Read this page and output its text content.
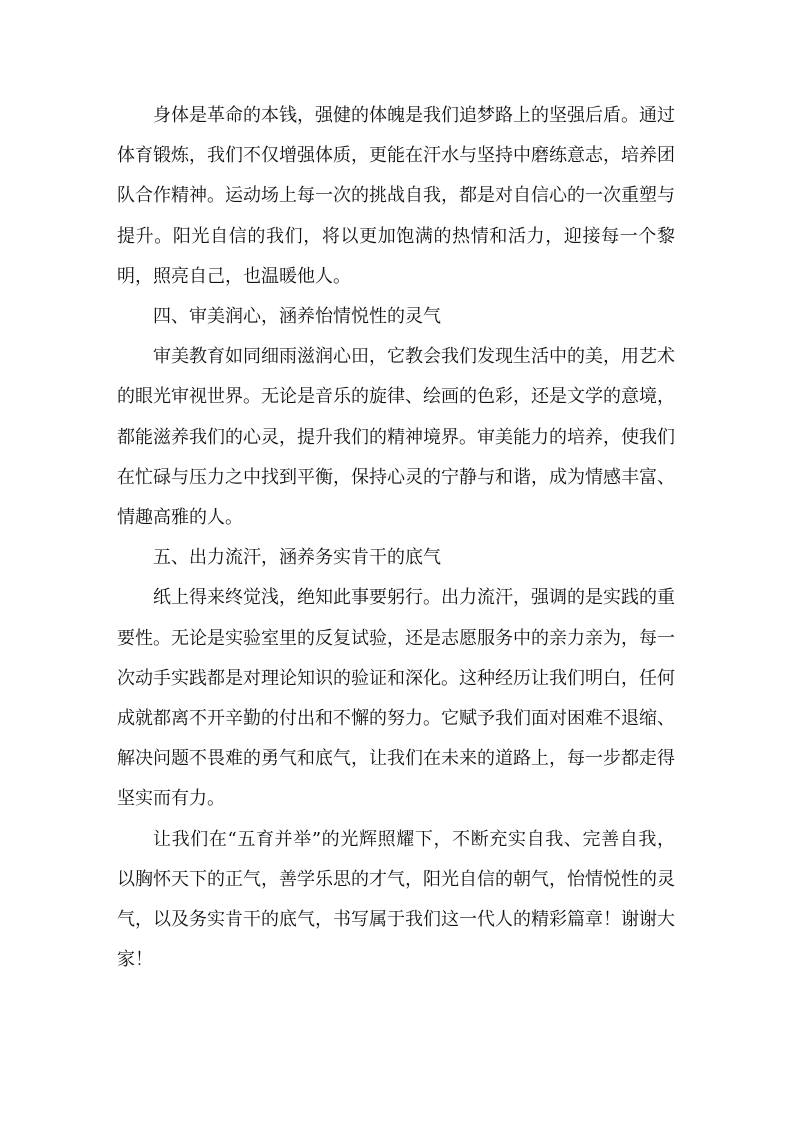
身体是革命的本钱，强健的体魄是我们追梦路上的坚强后盾。通过体育锻炼，我们不仅增强体质，更能在汗水与坚持中磨练意志，培养团队合作精神。运动场上每一次的挑战自我，都是对自信心的一次重塑与提升。阳光自信的我们，将以更加饱满的热情和活力，迎接每一个黎明，照亮自己，也温暖他人。

四、审美润心，涵养怡情悦性的灵气

审美教育如同细雨滋润心田，它教会我们发现生活中的美，用艺术的眼光审视世界。无论是音乐的旋律、绘画的色彩，还是文学的意境，都能滋养我们的心灵，提升我们的精神境界。审美能力的培养，使我们在忙碌与压力之中找到平衡，保持心灵的宁静与和谐，成为情感丰富、情趣高雅的人。

五、出力流汗，涵养务实肯干的底气

纸上得来终觉浅，绝知此事要躬行。出力流汗，强调的是实践的重要性。无论是实验室里的反复试验，还是志愿服务中的亲力亲为，每一次动手实践都是对理论知识的验证和深化。这种经历让我们明白，任何成就都离不开辛勤的付出和不懈的努力。它赋予我们面对困难不退缩、解决问题不畏难的勇气和底气，让我们在未来的道路上，每一步都走得坚实而有力。

让我们在“五育并举”的光辉照耀下，不断充实自我、完善自我，以胸怀天下的正气，善学乐思的才气，阳光自信的朝气，怡情悦性的灵气，以及务实肯干的底气，书写属于我们这一代人的精彩篇章！谢谢大家！
